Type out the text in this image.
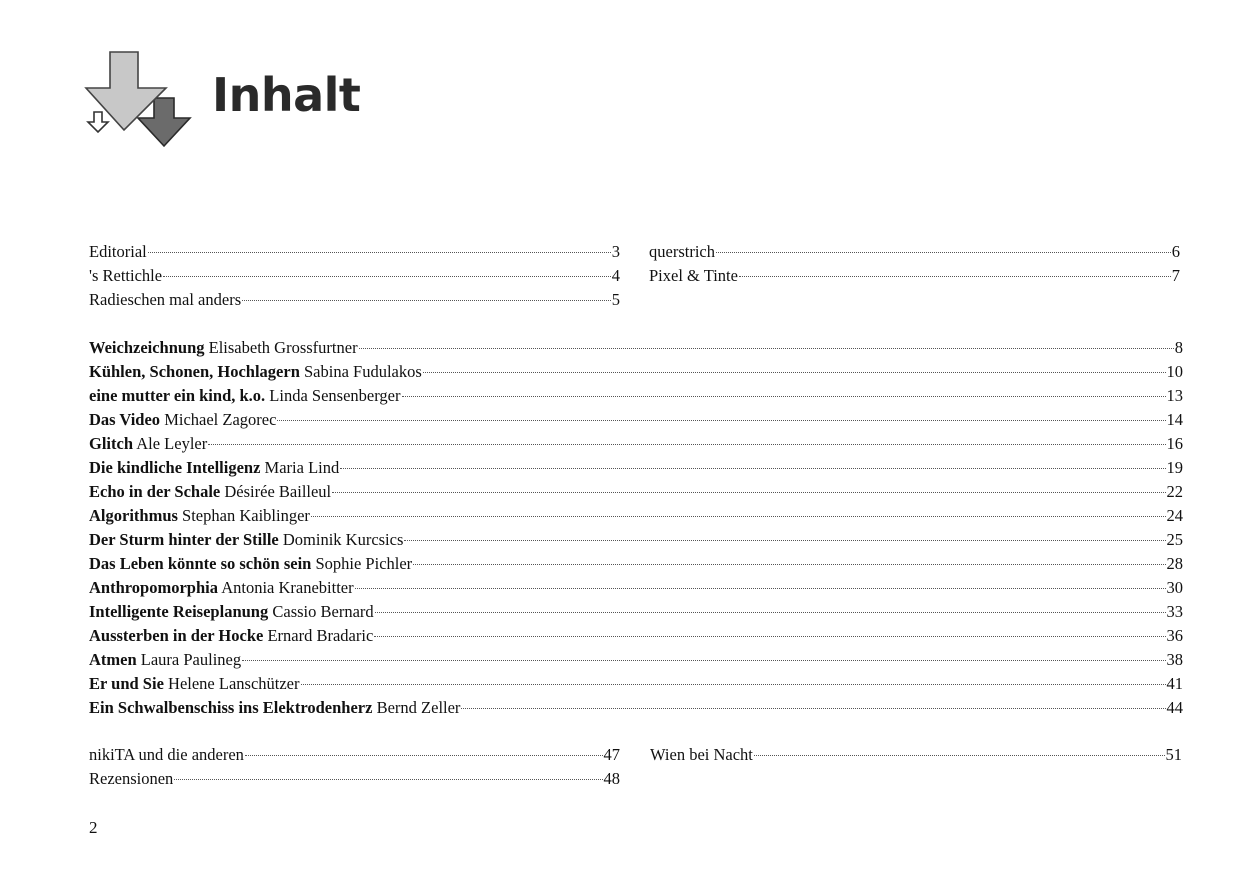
Inhalt
Editorial	3
's Rettichle	4
Radieschen mal anders	5
querstrich	6
Pixel & Tinte	7
Weichzeichnung Elisabeth Grossfurtner	8
Kühlen, Schonen, Hochlagern Sabina Fudulakos	10
eine mutter ein kind, k.o. Linda Sensenberger	13
Das Video Michael Zagorec	14
Glitch Ale Leyler	16
Die kindliche Intelligenz Maria Lind	19
Echo in der Schale Désirée Bailleul	22
Algorithmus Stephan Kaiblinger	24
Der Sturm hinter der Stille Dominik Kurcsics	25
Das Leben könnte so schön sein Sophie Pichler	28
Anthropomorphia Antonia Kranebitter	30
Intelligente Reiseplanung Cassio Bernard	33
Aussterben in der Hocke Ernard Bradaric	36
Atmen Laura Paulineg	38
Er und Sie Helene Lanschützer	41
Ein Schwalbenschiss ins Elektrodenherz Bernd Zeller	44
nikiTA und die anderen	47
Rezensionen	48
Wien bei Nacht	51
2
